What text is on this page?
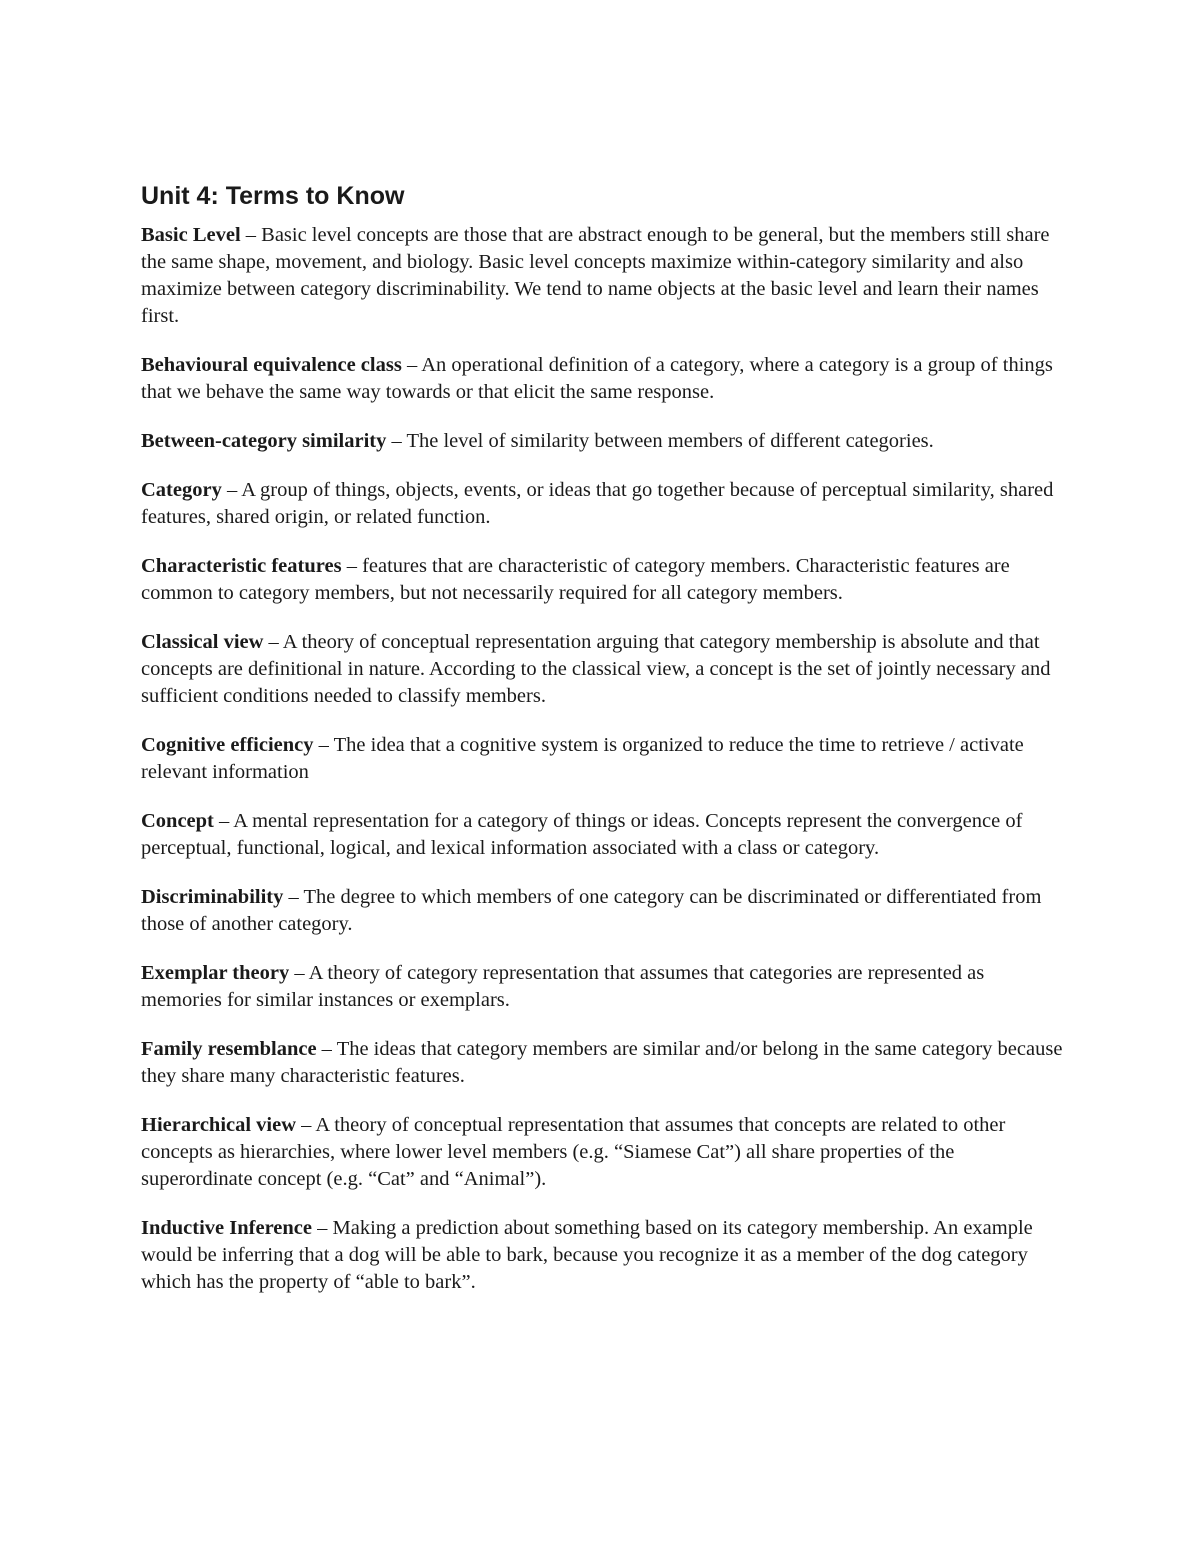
Unit 4: Terms to Know

Basic Level – Basic level concepts are those that are abstract enough to be general, but the members still share the same shape, movement, and biology. Basic level concepts maximize within-category similarity and also maximize between category discriminability. We tend to name objects at the basic level and learn their names first.

Behavioural equivalence class – An operational definition of a category, where a category is a group of things that we behave the same way towards or that elicit the same response.

Between-category similarity – The level of similarity between members of different categories.

Category – A group of things, objects, events, or ideas that go together because of perceptual similarity, shared features, shared origin, or related function.

Characteristic features – features that are characteristic of category members. Characteristic features are common to category members, but not necessarily required for all category members.

Classical view – A theory of conceptual representation arguing that category membership is absolute and that concepts are definitional in nature. According to the classical view, a concept is the set of jointly necessary and sufficient conditions needed to classify members.

Cognitive efficiency – The idea that a cognitive system is organized to reduce the time to retrieve / activate relevant information

Concept – A mental representation for a category of things or ideas. Concepts represent the convergence of perceptual, functional, logical, and lexical information associated with a class or category.

Discriminability – The degree to which members of one category can be discriminated or differentiated from those of another category.

Exemplar theory – A theory of category representation that assumes that categories are represented as memories for similar instances or exemplars.

Family resemblance – The ideas that category members are similar and/or belong in the same category because they share many characteristic features.

Hierarchical view – A theory of conceptual representation that assumes that concepts are related to other concepts as hierarchies, where lower level members (e.g. “Siamese Cat”) all share properties of the superordinate concept (e.g. “Cat” and “Animal”).

Inductive Inference – Making a prediction about something based on its category membership. An example would be inferring that a dog will be able to bark, because you recognize it as a member of the dog category which has the property of “able to bark”.
